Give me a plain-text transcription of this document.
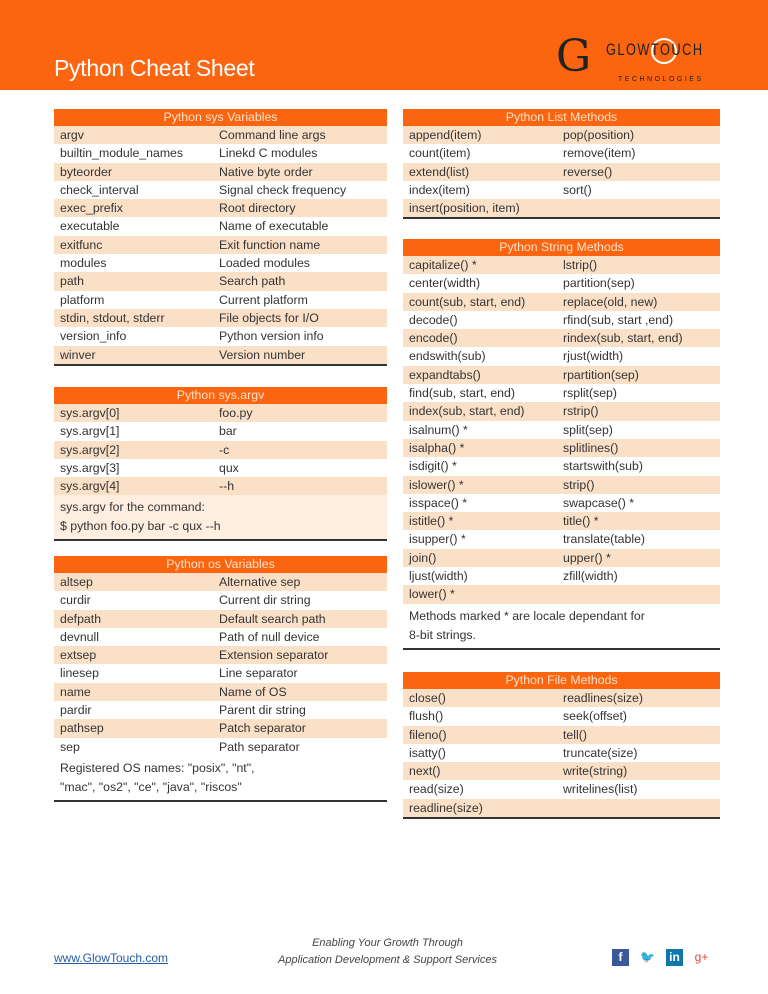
Python Cheat Sheet	G GLOWTOUCH
TECHNOLOGIES
Python sys Variables
argv	Command line args
builtin_module_names	Linekd C modules
byteorder	Native byte order
check_interval	Signal check frequency
exec_prefix	Root directory
executable	Name of executable
exitfunc	Exit function name
modules	Loaded modules
path	Search path
platform	Current platform
stdin, stdout, stderr	File objects for I/O
version_info	Python version info
winver	Version number
Python sys.argv
sys.argv[0]	foo.py
sys.argv[1]	bar
sys.argv[2]	-c
sys.argv[3]	qux
sys.argv[4]	--h
sys.argv for the command:
$ python foo.py bar -c qux --h
Python os Variables
altsep	Alternative sep
curdir	Current dir string
defpath	Default search path
devnull	Path of null device
extsep	Extension separator
linesep	Line separator
name	Name of OS
pardir	Parent dir string
pathsep	Patch separator
sep	Path separator
Registered OS names: "posix", "nt",
"mac", "os2", "ce", "java", "riscos"
Python List Methods
append(item)	pop(position)
count(item)	remove(item)
extend(list)	reverse()
index(item)	sort()
insert(position, item)
Python String Methods
capitalize() *	lstrip()
center(width)	partition(sep)
count(sub, start, end)	replace(old, new)
decode()	rfind(sub, start ,end)
encode()	rindex(sub, start, end)
endswith(sub)	rjust(width)
expandtabs()	rpartition(sep)
find(sub, start, end)	rsplit(sep)
index(sub, start, end)	rstrip()
isalnum() *	split(sep)
isalpha() *	splitlines()
isdigit() *	startswith(sub)
islower() *	strip()
isspace() *	swapcase() *
istitle() *	title() *
isupper() *	translate(table)
join()	upper() *
ljust(width)	zfill(width)
lower() *
Methods marked * are locale dependant for
8-bit strings.
Python File Methods
close()	readlines(size)
flush()	seek(offset)
fileno()	tell()
isatty()	truncate(size)
next()	write(string)
read(size)	writelines(list)
readline(size)
www.GlowTouch.com
Enabling Your Growth Through
Application Development & Support Services	f	🐦 in g+
